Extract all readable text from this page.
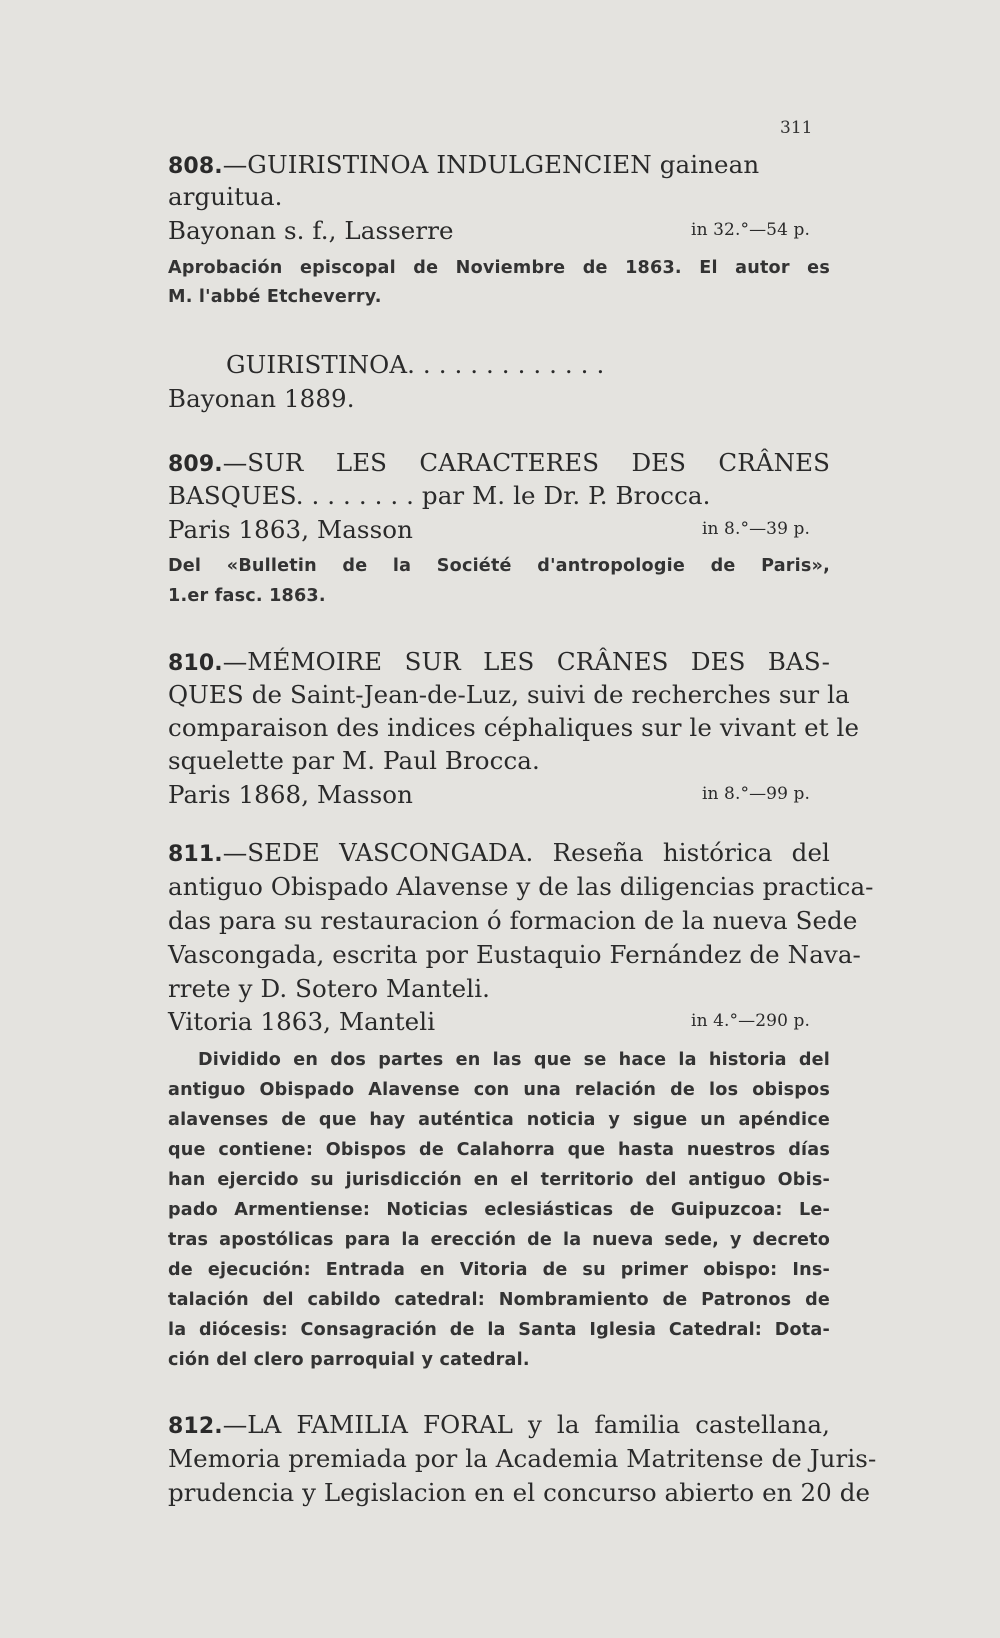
311
808.—GUIRISTINOA INDULGENCIEN gainean
arguitua.
Bayonan s. f., Lasserre	in 32.°—54 p.
Aprobación episcopal de Noviembre de 1863. El autor es
M. l'abbé Etcheverry.
GUIRISTINOA. . . . . . . . . . . . .
Bayonan 1889.
809.—SUR LES CARACTERES DES CRÂNES
BASQUES. . . . . . . . par M. le Dr. P. Brocca.
Paris 1863, Masson	in 8.°—39 p.
Del «Bulletin de la Société d'antropologie de Paris»,
1.er fasc. 1863.
810.—MÉMOIRE SUR LES CRÂNES DES BAS-
QUES de Saint-Jean-de-Luz, suivi de recherches sur la
comparaison des indices céphaliques sur le vivant et le
squelette par M. Paul Brocca.
Paris 1868, Masson	in 8.°—99 p.
811.—SEDE VASCONGADA. Reseña histórica del
antiguo Obispado Alavense y de las diligencias practica-
das para su restauracion ó formacion de la nueva Sede
Vascongada, escrita por Eustaquio Fernández de Nava-
rrete y D. Sotero Manteli.
Vitoria 1863, Manteli	in 4.°—290 p.
Dividido en dos partes en las que se hace la historia del
antiguo Obispado Alavense con una relación de los obispos
alavenses de que hay auténtica noticia y sigue un apéndice
que contiene: Obispos de Calahorra que hasta nuestros días
han ejercido su jurisdicción en el territorio del antiguo Obis-
pado Armentiense: Noticias eclesiásticas de Guipuzcoa: Le-
tras apostólicas para la erección de la nueva sede, y decreto
de ejecución: Entrada en Vitoria de su primer obispo: Ins-
talación del cabildo catedral: Nombramiento de Patronos de
la diócesis: Consagración de la Santa Iglesia Catedral: Dota-
ción del clero parroquial y catedral.
812.—LA FAMILIA FORAL y la familia castellana,
Memoria premiada por la Academia Matritense de Juris-
prudencia y Legislacion en el concurso abierto en 20 de
